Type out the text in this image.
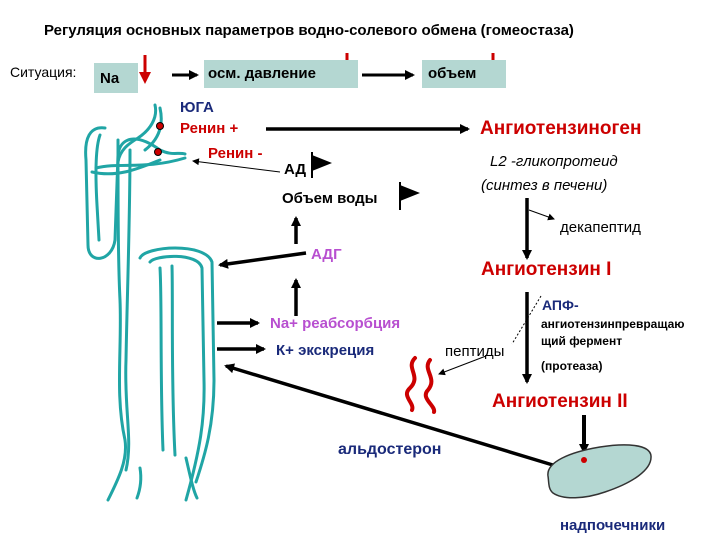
Регуляция основных параметров водно-солевого обмена (гомеостаза)
Ситуация:	Na	осм. давление	объем
ЮГА
Ренин +
Ренин -
АД
Объем воды
АДГ
Na+ реабсорбция
К+ экскреция
Ангиотензиноген
L2 -гликопротеид
(синтез в печени)
декапептид
Ангиотензин I
АПФ-
ангиотензинпревращаю
щий фермент
(протеаза)
пептиды
Ангиотензин II
альдостерон
надпочечники
